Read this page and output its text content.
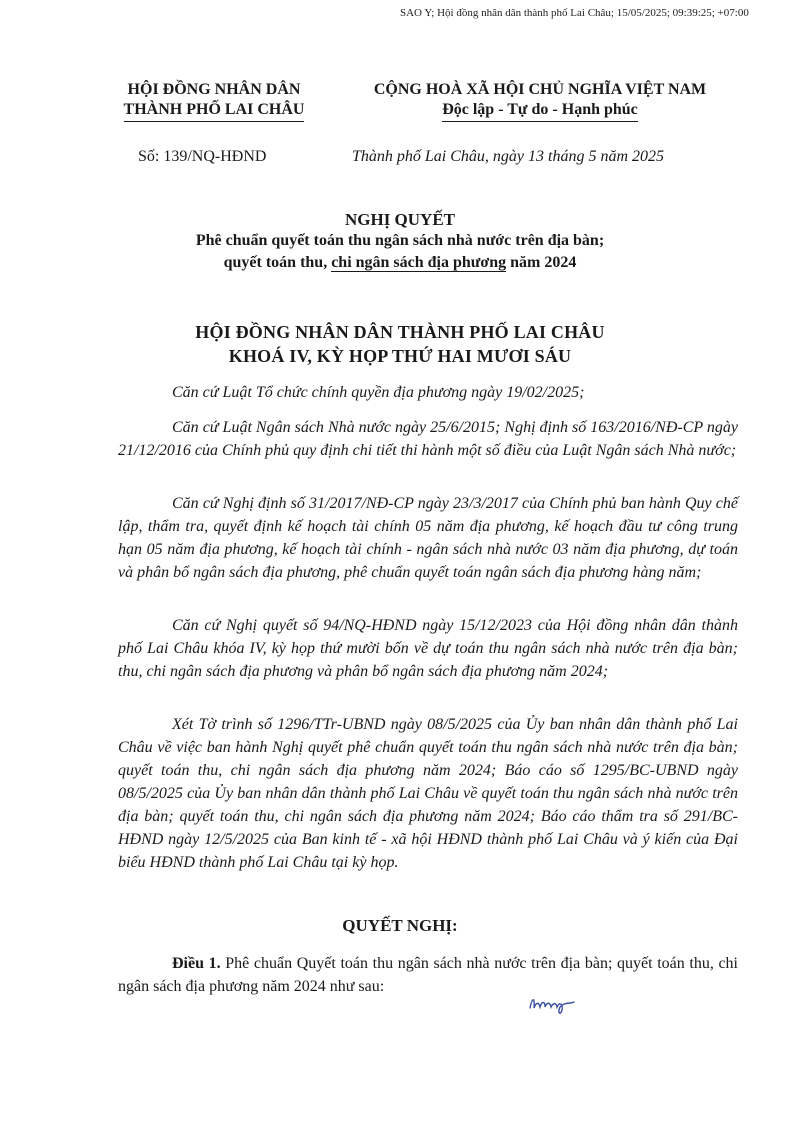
SAO Y; Hội đồng nhân dân thành phố Lai Châu; 15/05/2025; 09:39:25; +07:00
HỘI ĐỒNG NHÂN DÂN
THÀNH PHỐ LAI CHÂU
CỘNG HOÀ XÃ HỘI CHỦ NGHĨA VIỆT NAM
Độc lập - Tự do - Hạnh phúc
Số: 139/NQ-HĐND	Thành phố Lai Châu, ngày 13 tháng 5 năm 2025
NGHỊ QUYẾT
Phê chuẩn quyết toán thu ngân sách nhà nước trên địa bàn;
quyết toán thu, chi ngân sách địa phương năm 2024
HỘI ĐỒNG NHÂN DÂN THÀNH PHỐ LAI CHÂU
KHOÁ IV, KỲ HỌP THỨ HAI MƯƠI SÁU

Căn cứ Luật Tổ chức chính quyền địa phương ngày 19/02/2025;

Căn cứ Luật Ngân sách Nhà nước ngày 25/6/2015; Nghị định số 163/2016/NĐ-CP ngày 21/12/2016 của Chính phủ quy định chi tiết thi hành một số điều của Luật Ngân sách Nhà nước;

Căn cứ Nghị định số 31/2017/NĐ-CP ngày 23/3/2017 của Chính phủ ban hành Quy chế lập, thẩm tra, quyết định kế hoạch tài chính 05 năm địa phương, kế hoạch đầu tư công trung hạn 05 năm địa phương, kế hoạch tài chính - ngân sách nhà nước 03 năm địa phương, dự toán và phân bổ ngân sách địa phương, phê chuẩn quyết toán ngân sách địa phương hàng năm;

Căn cứ Nghị quyết số 94/NQ-HĐND ngày 15/12/2023 của Hội đồng nhân dân thành phố Lai Châu khóa IV, kỳ họp thứ mười bốn về dự toán thu ngân sách nhà nước trên địa bàn; thu, chi ngân sách địa phương và phân bổ ngân sách địa phương năm 2024;

Xét Tờ trình số 1296/TTr-UBND ngày 08/5/2025 của Ủy ban nhân dân thành phố Lai Châu về việc ban hành Nghị quyết phê chuẩn quyết toán thu ngân sách nhà nước trên địa bàn; quyết toán thu, chi ngân sách địa phương năm 2024; Báo cáo số 1295/BC-UBND ngày 08/5/2025 của Ủy ban nhân dân thành phố Lai Châu về quyết toán thu ngân sách nhà nước trên địa bàn; quyết toán thu, chi ngân sách địa phương năm 2024; Báo cáo thẩm tra số 291/BC-HĐND ngày 12/5/2025 của Ban kinh tế - xã hội HĐND thành phố Lai Châu và ý kiến của Đại biểu HĐND thành phố Lai Châu tại kỳ họp.

QUYẾT NGHỊ:

Điều 1. Phê chuẩn Quyết toán thu ngân sách nhà nước trên địa bàn; quyết toán thu, chi ngân sách địa phương năm 2024 như sau:
